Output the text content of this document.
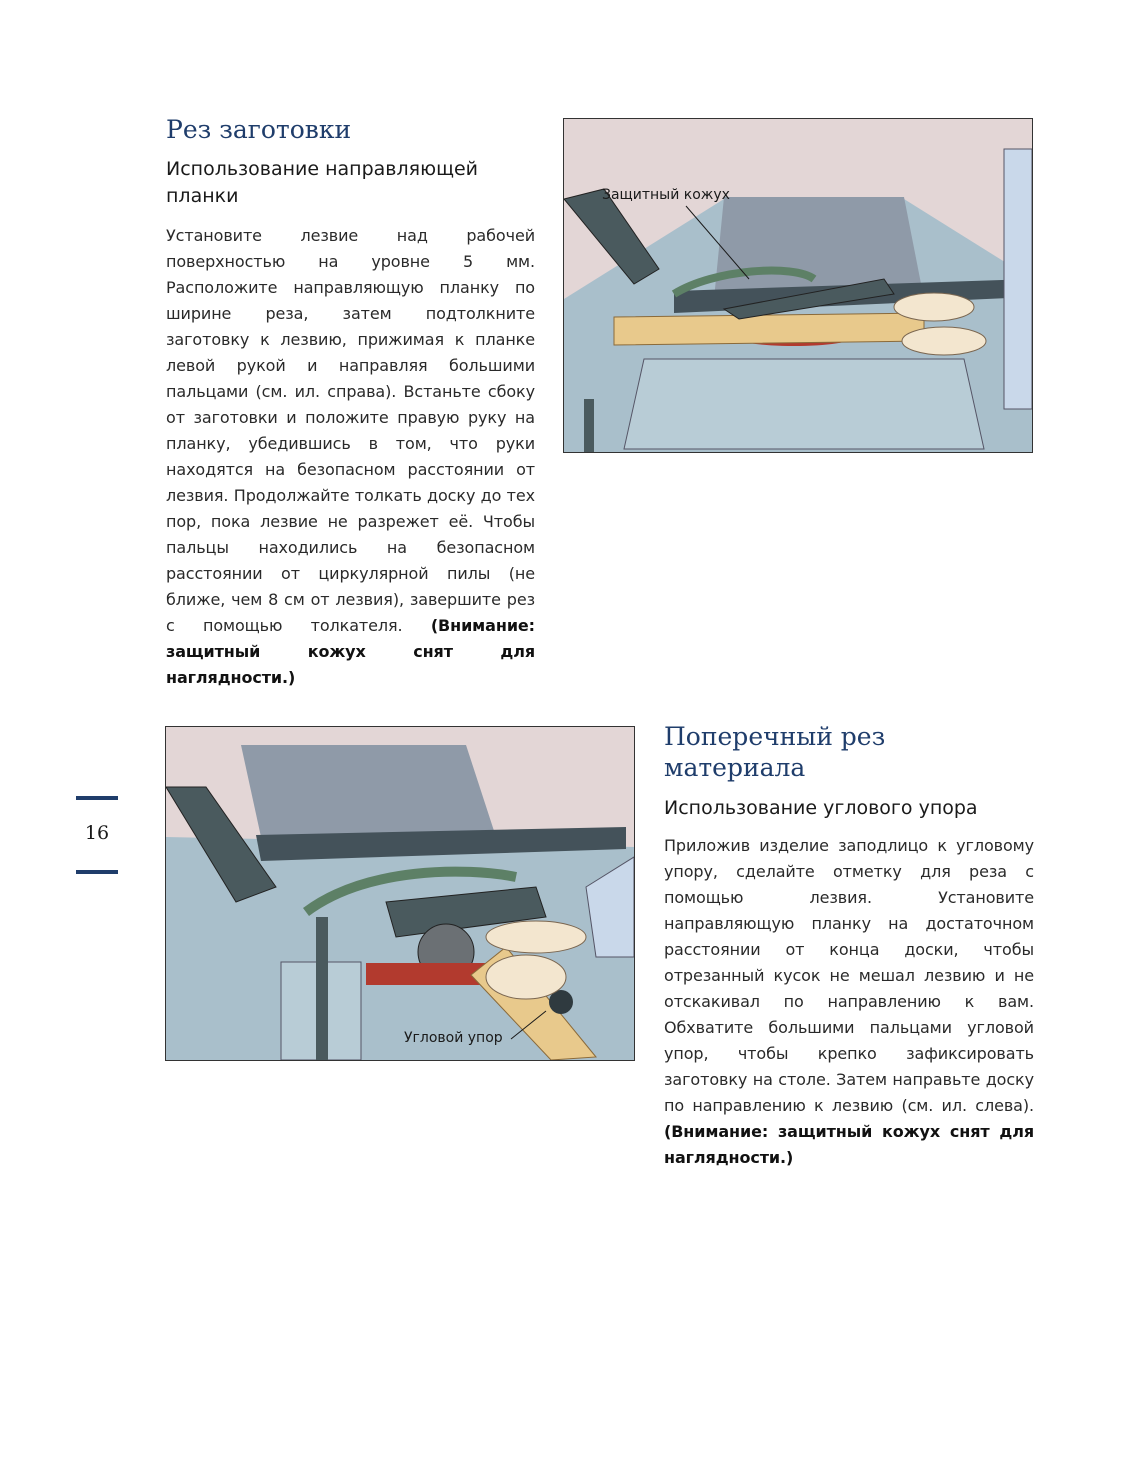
Рез заготовки
Использование направляющей планки

Установите лезвие над рабочей поверхностью на уровне 5 мм. Расположите направляющую планку по ширине реза, затем подтолкните заготовку к лезвию, прижимая к планке левой рукой и направляя большими пальцами (см. ил. справа). Встаньте сбоку от заготовки и положите правую руку на планку, убедившись в том, что руки находятся на безопасном расстоянии от лезвия. Продолжайте толкать доску до тех пор, пока лезвие не разрежет её. Чтобы пальцы находились на безопасном расстоянии от циркулярной пилы (не ближе, чем 8 см от лезвия), завершите рез с помощью толкателя. (Внимание: защитный кожух снят для наглядности.)

Защитный кожух
Угловой упор
Поперечный рез материала
Использование углового упора

Приложив изделие заподлицо к угловому упору, сделайте отметку для реза с помощью лезвия. Установите направляющую планку на достаточном расстоянии от конца доски, чтобы отрезанный кусок не мешал лезвию и не отскакивал по направлению к вам. Обхватите большими пальцами угловой упор, чтобы крепко зафиксировать заготовку на столе. Затем направьте доску по направлению к лезвию (см. ил. слева). (Внимание: защитный кожух снят для наглядности.)

16
